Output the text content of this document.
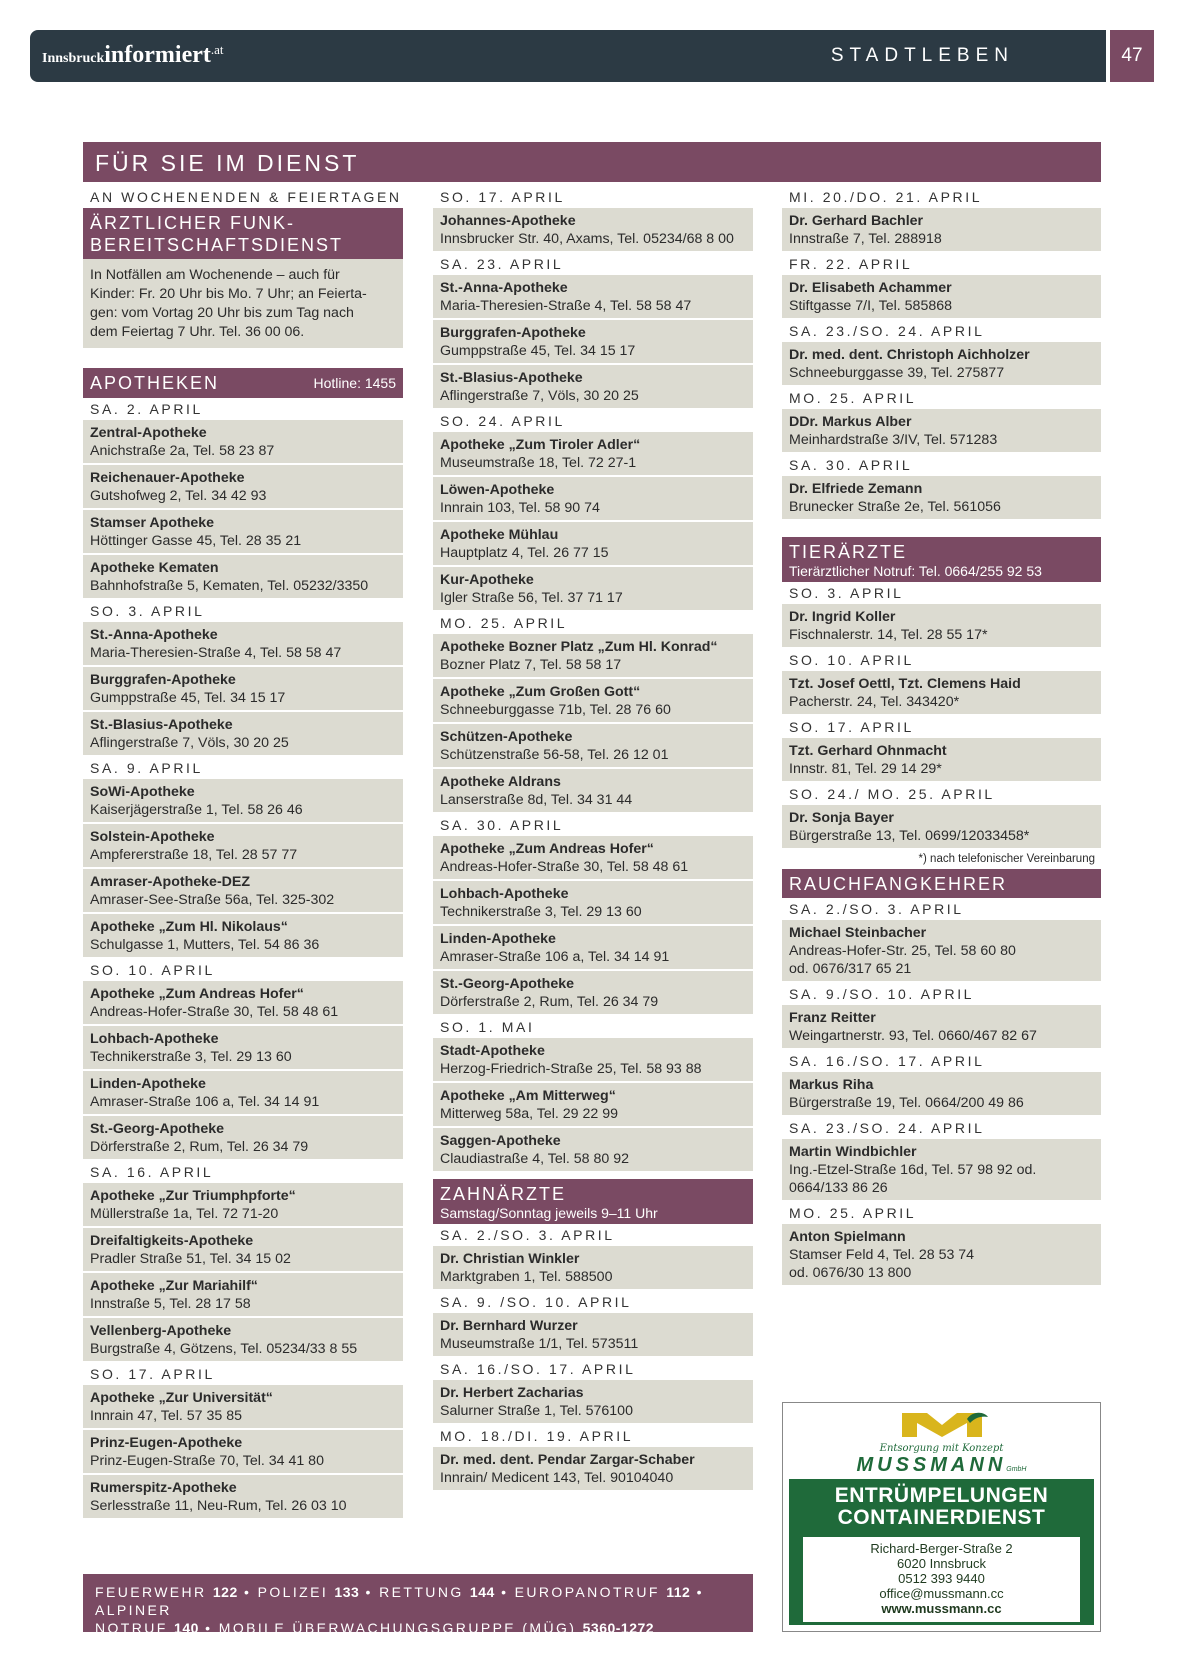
Innsbruckinformiert$^{.at}$	STADTLEBEN	47
FÜR SIE IM DIENST
AN WOCHENENDEN & FEIERTAGEN
ÄRZTLICHER FUNK-
BEREITSCHAFTSDIENST
In Notfällen am Wochenende – auch für
Kinder: Fr. 20 Uhr bis Mo. 7 Uhr; an Feierta-
gen: vom Vortag 20 Uhr bis zum Tag nach
dem Feiertag 7 Uhr. Tel. 36 00 06.
APOTHEKEN	Hotline: 1455
SA. 2. APRIL
Zentral-Apotheke
Anichstraße 2a, Tel. 58 23 87
Reichenauer-Apotheke
Gutshofweg 2, Tel. 34 42 93
Stamser Apotheke
Höttinger Gasse 45, Tel. 28 35 21
Apotheke Kematen
Bahnhofstraße 5, Kematen, Tel. 05232/3350
SO. 3. APRIL
St.-Anna-Apotheke
Maria-Theresien-Straße 4, Tel. 58 58 47
Burggrafen-Apotheke
Gumppstraße 45, Tel. 34 15 17
St.-Blasius-Apotheke
Aflingerstraße 7, Völs, 30 20 25
SA. 9. APRIL
SoWi-Apotheke
Kaiserjägerstraße 1, Tel. 58 26 46
Solstein-Apotheke
Ampfererstraße 18, Tel. 28 57 77
Amraser-Apotheke-DEZ
Amraser-See-Straße 56a, Tel. 325-302
Apotheke „Zum Hl. Nikolaus“
Schulgasse 1, Mutters, Tel. 54 86 36
SO. 10. APRIL
Apotheke „Zum Andreas Hofer“
Andreas-Hofer-Straße 30, Tel. 58 48 61
Lohbach-Apotheke
Technikerstraße 3, Tel. 29 13 60
Linden-Apotheke
Amraser-Straße 106 a, Tel. 34 14 91
St.-Georg-Apotheke
Dörferstraße 2, Rum, Tel. 26 34 79
SA. 16. APRIL
Apotheke „Zur Triumphpforte“
Müllerstraße 1a, Tel. 72 71-20
Dreifaltigkeits-Apotheke
Pradler Straße 51, Tel. 34 15 02
Apotheke „Zur Mariahilf“
Innstraße 5, Tel. 28 17 58
Vellenberg-Apotheke
Burgstraße 4, Götzens, Tel. 05234/33 8 55
SO. 17. APRIL
Apotheke „Zur Universität“
Innrain 47, Tel. 57 35 85
Prinz-Eugen-Apotheke
Prinz-Eugen-Straße 70, Tel. 34 41 80
Rumerspitz-Apotheke
Serlesstraße 11, Neu-Rum, Tel. 26 03 10
SO. 17. APRIL
Johannes-Apotheke
Innsbrucker Str. 40, Axams, Tel. 05234/68 8 00
SA. 23. APRIL
St.-Anna-Apotheke
Maria-Theresien-Straße 4, Tel. 58 58 47
Burggrafen-Apotheke
Gumppstraße 45, Tel. 34 15 17
St.-Blasius-Apotheke
Aflingerstraße 7, Völs, 30 20 25
SO. 24. APRIL
Apotheke „Zum Tiroler Adler“
Museumstraße 18, Tel. 72 27-1
Löwen-Apotheke
Innrain 103, Tel. 58 90 74
Apotheke Mühlau
Hauptplatz 4, Tel. 26 77 15
Kur-Apotheke
Igler Straße 56, Tel. 37 71 17
MO. 25. APRIL
Apotheke Bozner Platz „Zum Hl. Konrad“
Bozner Platz 7, Tel. 58 58 17
Apotheke „Zum Großen Gott“
Schneeburggasse 71b, Tel. 28 76 60
Schützen-Apotheke
Schützenstraße 56-58, Tel. 26 12 01
Apotheke Aldrans
Lanserstraße 8d, Tel. 34 31 44
SA. 30. APRIL
Apotheke „Zum Andreas Hofer“
Andreas-Hofer-Straße 30, Tel. 58 48 61
Lohbach-Apotheke
Technikerstraße 3, Tel. 29 13 60
Linden-Apotheke
Amraser-Straße 106 a, Tel. 34 14 91
St.-Georg-Apotheke
Dörferstraße 2, Rum, Tel. 26 34 79
SO. 1. MAI
Stadt-Apotheke
Herzog-Friedrich-Straße 25, Tel. 58 93 88
Apotheke „Am Mitterweg“
Mitterweg 58a, Tel. 29 22 99
Saggen-Apotheke
Claudiastraße 4, Tel. 58 80 92
ZAHNÄRZTE
Samstag/Sonntag jeweils 9–11 Uhr
SA. 2./SO. 3. APRIL
Dr. Christian Winkler
Marktgraben 1, Tel. 588500
SA. 9. /SO. 10. APRIL
Dr. Bernhard Wurzer
Museumstraße 1/1, Tel. 573511
SA. 16./SO. 17. APRIL
Dr. Herbert Zacharias
Salurner Straße 1, Tel. 576100
MO. 18./DI. 19. APRIL
Dr. med. dent. Pendar Zargar-Schaber
Innrain/ Medicent 143, Tel. 90104040
MI. 20./DO. 21. APRIL
Dr. Gerhard Bachler
Innstraße 7, Tel. 288918
FR. 22. APRIL
Dr. Elisabeth Achammer
Stiftgasse 7/I, Tel. 585868
SA. 23./SO. 24. APRIL
Dr. med. dent. Christoph Aichholzer
Schneeburggasse 39, Tel. 275877
MO. 25. APRIL
DDr. Markus Alber
Meinhardstraße 3/IV, Tel. 571283
SA. 30. APRIL
Dr. Elfriede Zemann
Brunecker Straße 2e, Tel. 561056
TIERÄRZTE
Tierärztlicher Notruf: Tel. 0664/255 92 53
SO. 3. APRIL
Dr. Ingrid Koller
Fischnalerstr. 14, Tel. 28 55 17*
SO. 10. APRIL
Tzt. Josef Oettl, Tzt. Clemens Haid
Pacherstr. 24, Tel. 343420*
SO. 17. APRIL
Tzt. Gerhard Ohnmacht
Innstr. 81, Tel. 29 14 29*
SO. 24./ MO. 25. APRIL
Dr. Sonja Bayer
Bürgerstraße 13, Tel. 0699/12033458*
*) nach telefonischer Vereinbarung
RAUCHFANGKEHRER
SA. 2./SO. 3. APRIL
Michael Steinbacher
Andreas-Hofer-Str. 25, Tel. 58 60 80
od. 0676/317 65 21
SA. 9./SO. 10. APRIL
Franz Reitter
Weingartnerstr. 93, Tel. 0660/467 82 67
SA. 16./SO. 17. APRIL
Markus Riha
Bürgerstraße 19, Tel. 0664/200 49 86
SA. 23./SO. 24. APRIL
Martin Windbichler
Ing.-Etzel-Straße 16d, Tel. 57 98 92 od.
0664/133 86 26
MO. 25. APRIL
Anton Spielmann
Stamser Feld 4, Tel. 28 53 74
od. 0676/30 13 800
FEUERWEHR 122 • POLIZEI 133 • RETTUNG 144 • EUROPANOTRUF 112 • ALPINER
NOTRUF 140 • MOBILE ÜBERWACHUNGSGRUPPE (MÜG) 5360-1272
Entsorgung mit Konzept
MUSSMANNGmbH
ENTRÜMPELUNGEN
CONTAINERDIENST
Richard-Berger-Straße 2
6020 Innsbruck
0512 393 9440
office@mussmann.cc
www.mussmann.cc
